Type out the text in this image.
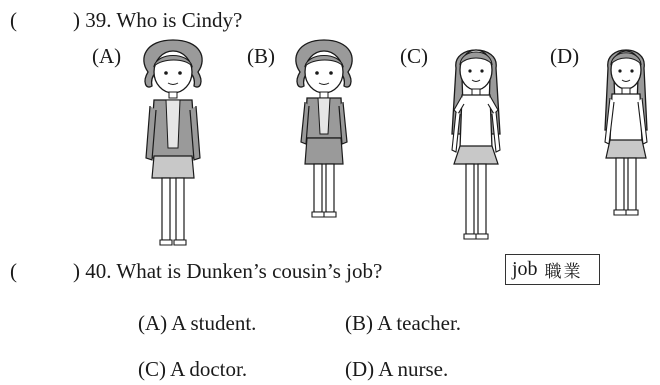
(	) 39. Who is Cindy?
(A)	(B)	(C)	(D)
(	) 40. What is Dunken’s cousin’s job?	job 職業
(A) A student.	(B) A teacher.
(C) A doctor.	(D) A nurse.
